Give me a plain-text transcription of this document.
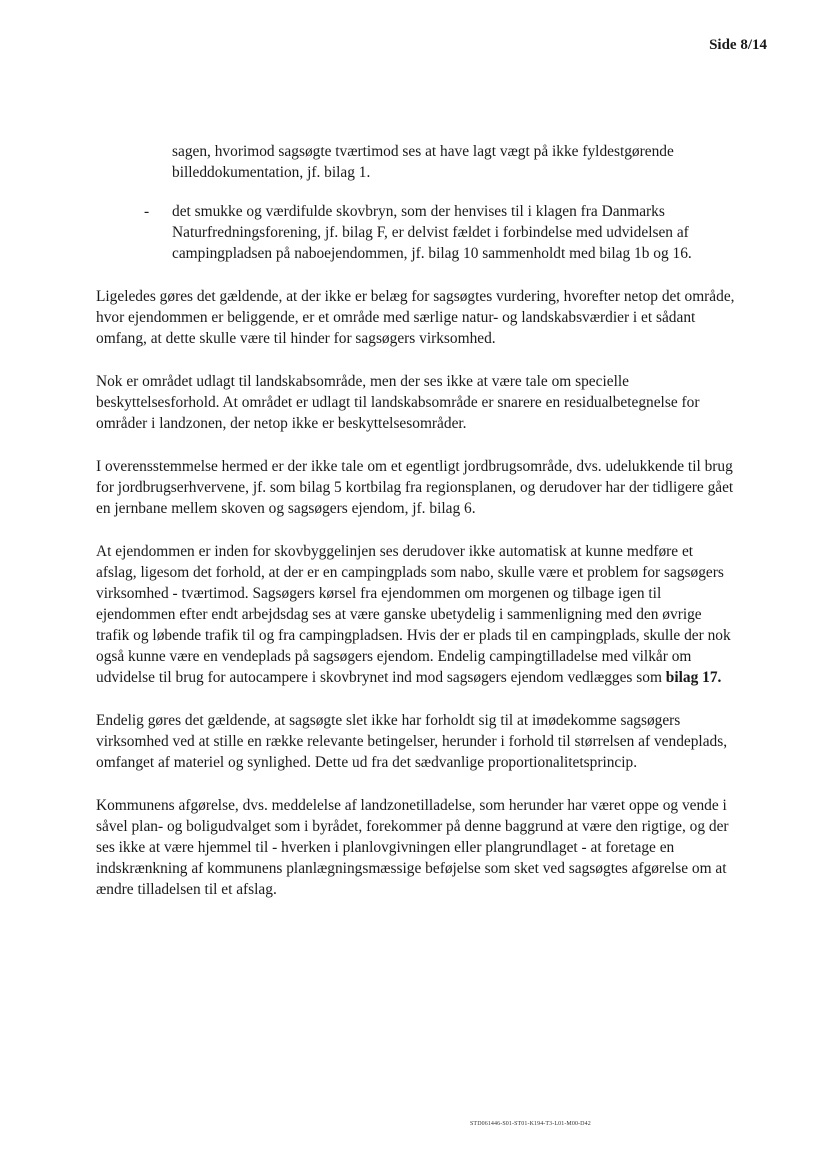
Side 8/14

sagen, hvorimod sagsøgte tværtimod ses at have lagt vægt på ikke fyldestgørende billeddokumentation, jf. bilag 1.

-	det smukke og værdifulde skovbryn, som der henvises til i klagen fra Danmarks Naturfredningsforening, jf. bilag F, er delvist fældet i forbindelse med udvidelsen af campingpladsen på naboejendommen, jf. bilag 10 sammenholdt med bilag 1b og 16.

Ligeledes gøres det gældende, at der ikke er belæg for sagsøgtes vurdering, hvorefter netop det område, hvor ejendommen er beliggende, er et område med særlige natur- og landskabsværdier i et sådant omfang, at dette skulle være til hinder for sagsøgers virksomhed.

Nok er området udlagt til landskabsområde, men der ses ikke at være tale om specielle beskyttelsesforhold. At området er udlagt til landskabsområde er snarere en residualbetegnelse for områder i landzonen, der netop ikke er beskyttelsesområder.

I overensstemmelse hermed er der ikke tale om et egentligt jordbrugsområde, dvs. udelukkende til brug for jordbrugserhvervene, jf. som bilag 5 kortbilag fra regionsplanen, og derudover har der tidligere gået en jernbane mellem skoven og sagsøgers ejendom, jf. bilag 6.

At ejendommen er inden for skovbyggelinjen ses derudover ikke automatisk at kunne medføre et afslag, ligesom det forhold, at der er en campingplads som nabo, skulle være et problem for sagsøgers virksomhed - tværtimod. Sagsøgers kørsel fra ejendommen om morgenen og tilbage igen til ejendommen efter endt arbejdsdag ses at være ganske ubetydelig i sammenligning med den øvrige trafik og løbende trafik til og fra campingpladsen. Hvis der er plads til en campingplads, skulle der nok også kunne være en vendeplads på sagsøgers ejendom. Endelig campingtilladelse med vilkår om udvidelse til brug for autocampere i skovbrynet ind mod sagsøgers ejendom vedlægges som bilag 17.

Endelig gøres det gældende, at sagsøgte slet ikke har forholdt sig til at imødekomme sagsøgers virksomhed ved at stille en række relevante betingelser, herunder i forhold til størrelsen af vendeplads, omfanget af materiel og synlighed. Dette ud fra det sædvanlige proportionalitetsprincip.

Kommunens afgørelse, dvs. meddelelse af landzonetilladelse, som herunder har været oppe og vende i såvel plan- og boligudvalget som i byrådet, forekommer på denne baggrund at være den rigtige, og der ses ikke at være hjemmel til - hverken i planlovgivningen eller plangrundlaget - at foretage en indskrænkning af kommunens planlægningsmæssige beføjelse som sket ved sagsøgtes afgørelse om at ændre tilladelsen til et afslag.

STD061446-S01-ST01-K194-T3-L01-M00-D42
